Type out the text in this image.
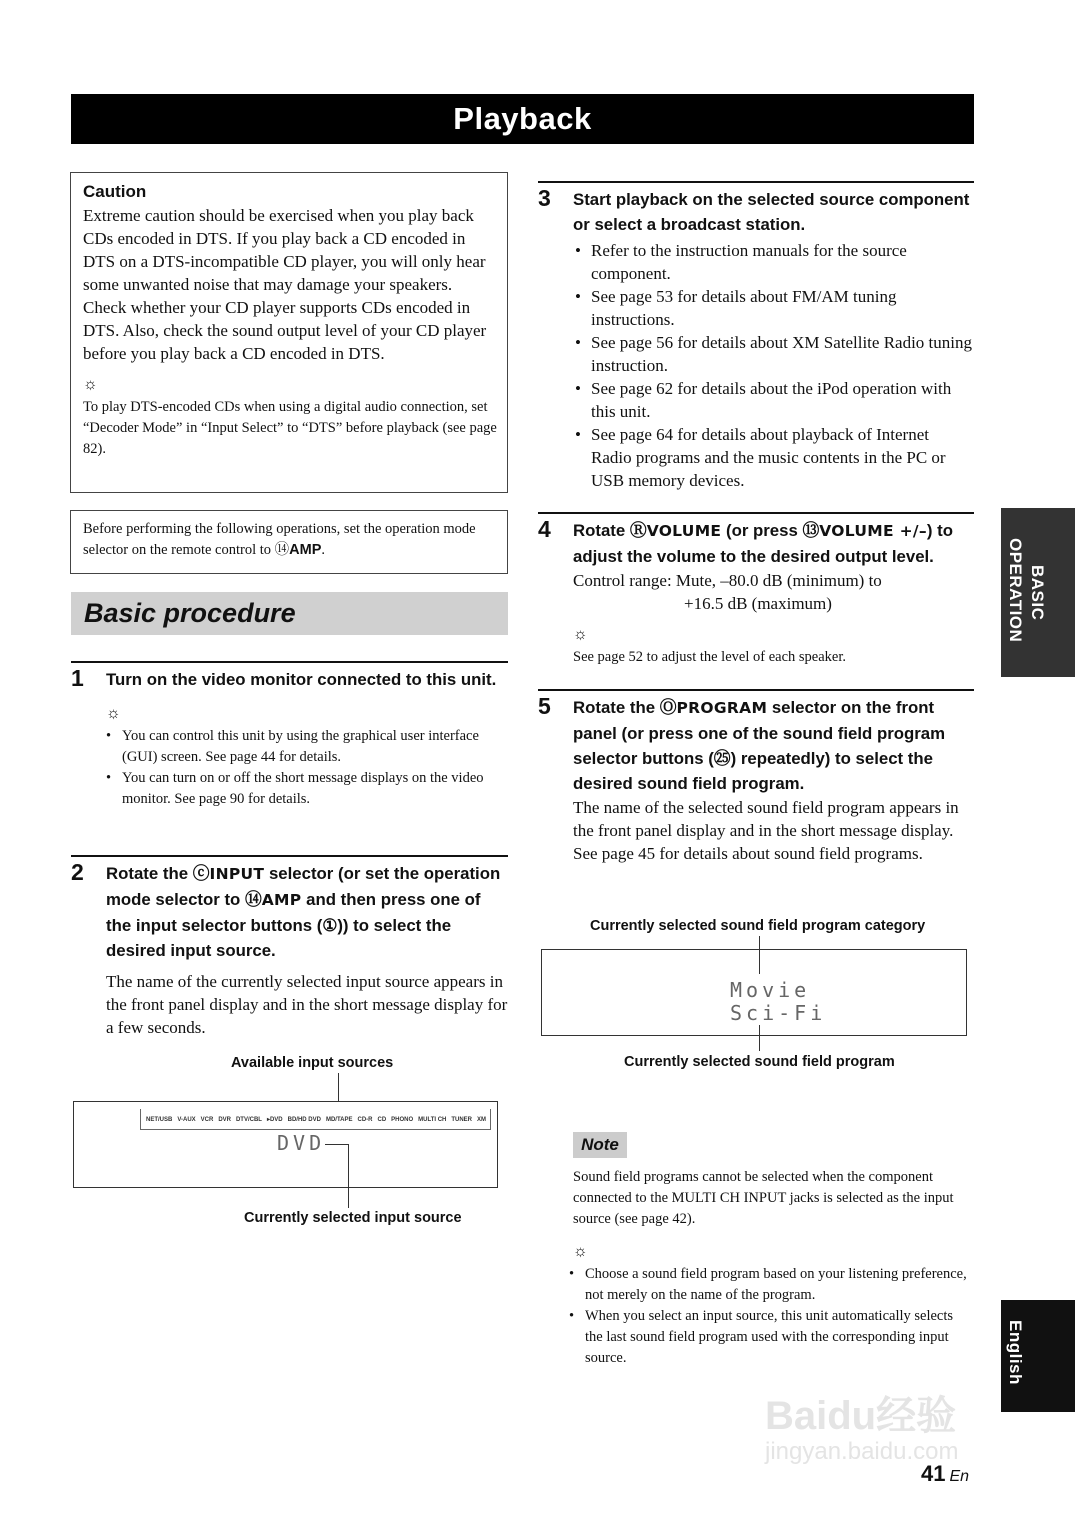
Playback

Caution

Extreme caution should be exercised when you play back CDs encoded in DTS. If you play back a CD encoded in DTS on a DTS-incompatible CD player, you will only hear some unwanted noise that may damage your speakers. Check whether your CD player supports CDs encoded in DTS. Also, check the sound output level of your CD player before you play back a CD encoded in DTS.

☼

To play DTS-encoded CDs when using a digital audio connection, set “Decoder Mode” in “Input Select” to “DTS” before playback (see page 82).

Before performing the following operations, set the operation mode selector on the remote control to ⑭AMP.

Basic procedure
1 Turn on the video monitor connected to this unit.

☼
• You can control this unit by using the graphical user interface (GUI) screen. See page 44 for details.
• You can turn on or off the short message displays on the video monitor. See page 90 for details.
2 Rotate the ⓒINPUT selector (or set the operation mode selector to ⑭AMP and then press one of the input selector buttons (①)) to select the desired input source.

The name of the currently selected input source appears in the front panel display and in the short message display for a few seconds.

Available input sources
NET/USB V-AUX VCR DVR DTV/CBL ▸DVD BD/HD DVD MD/TAPE CD-R CD PHONO MULTI CH TUNER XM
DVD
Currently selected input source
3 Start playback on the selected source component or select a broadcast station.

• Refer to the instruction manuals for the source component.
• See page 53 for details about FM/AM tuning instructions.
• See page 56 for details about XM Satellite Radio tuning instruction.
• See page 62 for details about the iPod operation with this unit.
• See page 64 for details about playback of Internet Radio programs and the music contents in the PC or USB memory devices.
4 Rotate ⓇVOLUME (or press ⑬VOLUME +/–) to adjust the volume to the desired output level.

Control range: Mute, –80.0 dB (minimum) to

+16.5 dB (maximum)

☼

See page 52 to adjust the level of each speaker.

5 Rotate the ⓄPROGRAM selector on the front panel (or press one of the sound field program selector buttons (㉕) repeatedly) to select the desired sound field program.

The name of the selected sound field program appears in the front panel display and in the short message display. See page 45 for details about sound field programs.

Currently selected sound field program category
Movie
Sci-Fi
Currently selected sound field program
Note

Sound field programs cannot be selected when the component connected to the MULTI CH INPUT jacks is selected as the input source (see page 42).

☼
• Choose a sound field program based on your listening preference, not merely on the name of the program.
• When you select an input source, this unit automatically selects the last sound field program used with the corresponding input source.
BASIC
OPERATION
English
Baidu经验
jingyan.baidu.com
41 En
